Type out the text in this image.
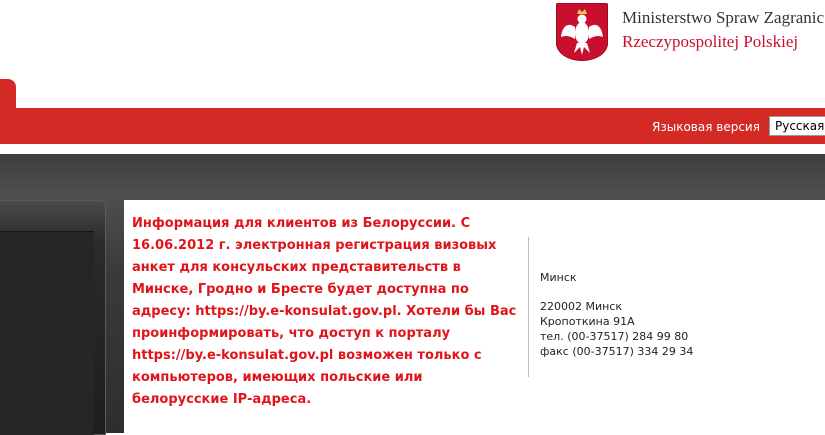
Ministerstwo Spraw Zagranic
Rzeczypospolitej Polskiej
Языковая версия	Русская
Информация для клиентов из Белоруссии. С 16.06.2012 г. электронная регистрация визовых анкет для консульских представительств в Минске, Гродно и Бресте будет доступна по адресу: https://by.e-konsulat.gov.pl. Хотели бы Вас проинформировать, что доступ к порталу https://by.e-konsulat.gov.pl возможен только с компьютеров, имеющих польские или белорусские IP-адреса.
Минск
220002 Минск
Кропоткина 91А
тел. (00-37517) 284 99 80
факс (00-37517) 334 29 34
